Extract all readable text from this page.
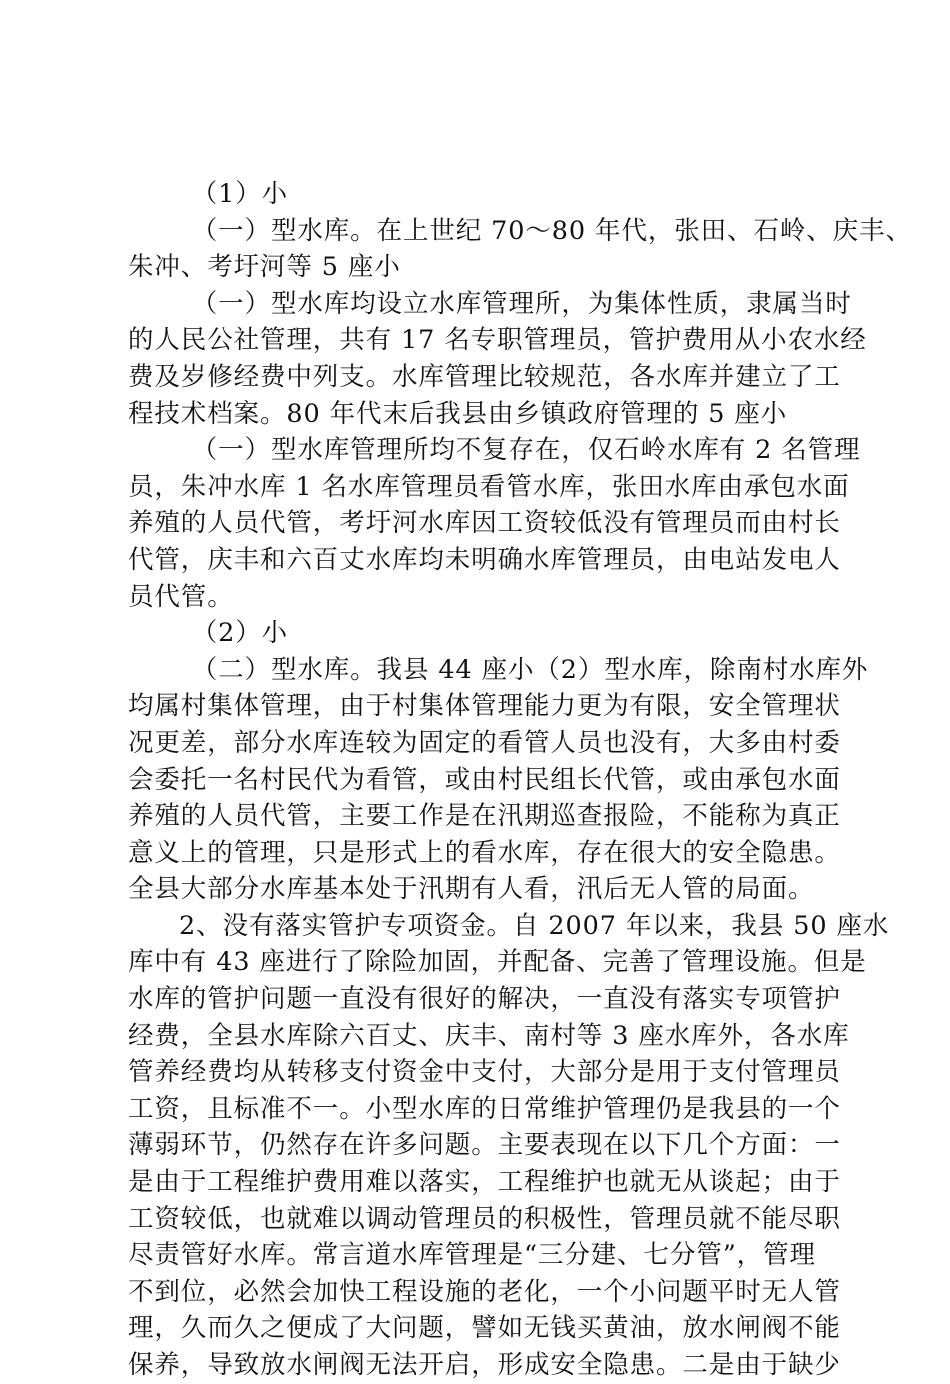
（1）小
（一）型水库。在上世纪 70～80 年代，张田、石岭、庆丰、
朱冲、考圩河等 5 座小
（一）型水库均设立水库管理所，为集体性质，隶属当时
的人民公社管理，共有 17 名专职管理员，管护费用从小农水经
费及岁修经费中列支。水库管理比较规范，各水库并建立了工
程技术档案。80 年代末后我县由乡镇政府管理的 5 座小
（一）型水库管理所均不复存在，仅石岭水库有 2 名管理
员，朱冲水库 1 名水库管理员看管水库，张田水库由承包水面
养殖的人员代管，考圩河水库因工资较低没有管理员而由村长
代管，庆丰和六百丈水库均未明确水库管理员，由电站发电人
员代管。
（2）小
（二）型水库。我县 44 座小（2）型水库，除南村水库外
均属村集体管理，由于村集体管理能力更为有限，安全管理状
况更差，部分水库连较为固定的看管人员也没有，大多由村委
会委托一名村民代为看管，或由村民组长代管，或由承包水面
养殖的人员代管，主要工作是在汛期巡查报险，不能称为真正
意义上的管理，只是形式上的看水库，存在很大的安全隐患。
全县大部分水库基本处于汛期有人看，汛后无人管的局面。
2、没有落实管护专项资金。自 2007 年以来，我县 50 座水
库中有 43 座进行了除险加固，并配备、完善了管理设施。但是
水库的管护问题一直没有很好的解决，一直没有落实专项管护
经费，全县水库除六百丈、庆丰、南村等 3 座水库外，各水库
管养经费均从转移支付资金中支付，大部分是用于支付管理员
工资，且标准不一。小型水库的日常维护管理仍是我县的一个
薄弱环节，仍然存在许多问题。主要表现在以下几个方面：一
是由于工程维护费用难以落实，工程维护也就无从谈起；由于
工资较低，也就难以调动管理员的积极性，管理员就不能尽职
尽责管好水库。常言道水库管理是“三分建、七分管”，管理
不到位，必然会加快工程设施的老化，一个小问题平时无人管
理，久而久之便成了大问题，譬如无钱买黄油，放水闸阀不能
保养，导致放水闸阀无法开启，形成安全隐患。二是由于缺少
